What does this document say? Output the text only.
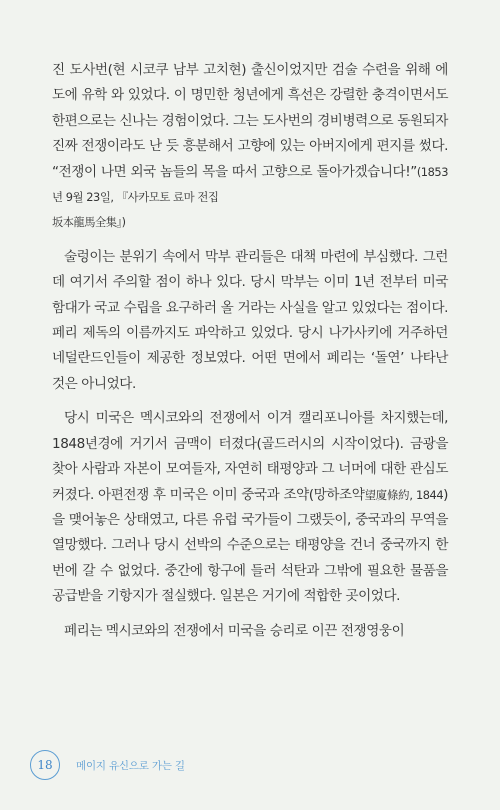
진 도사번(현 시코쿠 남부 고치현) 출신이었지만 검술 수련을 위해 에도에 유학 와 있었다. 이 명민한 청년에게 흑선은 강렬한 충격이면서도 한편으로는 신나는 경험이었다. 그는 도사번의 경비병력으로 동원되자 진짜 전쟁이라도 난 듯 흥분해서 고향에 있는 아버지에게 편지를 썼다. “전쟁이 나면 외국 놈들의 목을 따서 고향으로 돌아가겠습니다!”(1853년 9월 23일, 『사카모토 료마 전집
坂本龍馬全集』)

술렁이는 분위기 속에서 막부 관리들은 대책 마련에 부심했다. 그런데 여기서 주의할 점이 하나 있다. 당시 막부는 이미 1년 전부터 미국 함대가 국교 수립을 요구하러 올 거라는 사실을 알고 있었다는 점이다. 페리 제독의 이름까지도 파악하고 있었다. 당시 나가사키에 거주하던 네덜란드인들이 제공한 정보였다. 어떤 면에서 페리는 ‘돌연’ 나타난 것은 아니었다.

당시 미국은 멕시코와의 전쟁에서 이겨 캘리포니아를 차지했는데, 1848년경에 거기서 금맥이 터졌다(골드러시의 시작이었다). 금광을 찾아 사람과 자본이 모여들자, 자연히 태평양과 그 너머에 대한 관심도 커졌다. 아편전쟁 후 미국은 이미 중국과 조약(망하조약望廈條約, 1844)을 맺어놓은 상태였고, 다른 유럽 국가들이 그랬듯이, 중국과의 무역을 열망했다. 그러나 당시 선박의 수준으로는 태평양을 건너 중국까지 한 번에 갈 수 없었다. 중간에 항구에 들러 석탄과 그밖에 필요한 물품을 공급받을 기항지가 절실했다. 일본은 거기에 적합한 곳이었다.

페리는 멕시코와의 전쟁에서 미국을 승리로 이끈 전쟁영웅이

18	메이지 유신으로 가는 길
